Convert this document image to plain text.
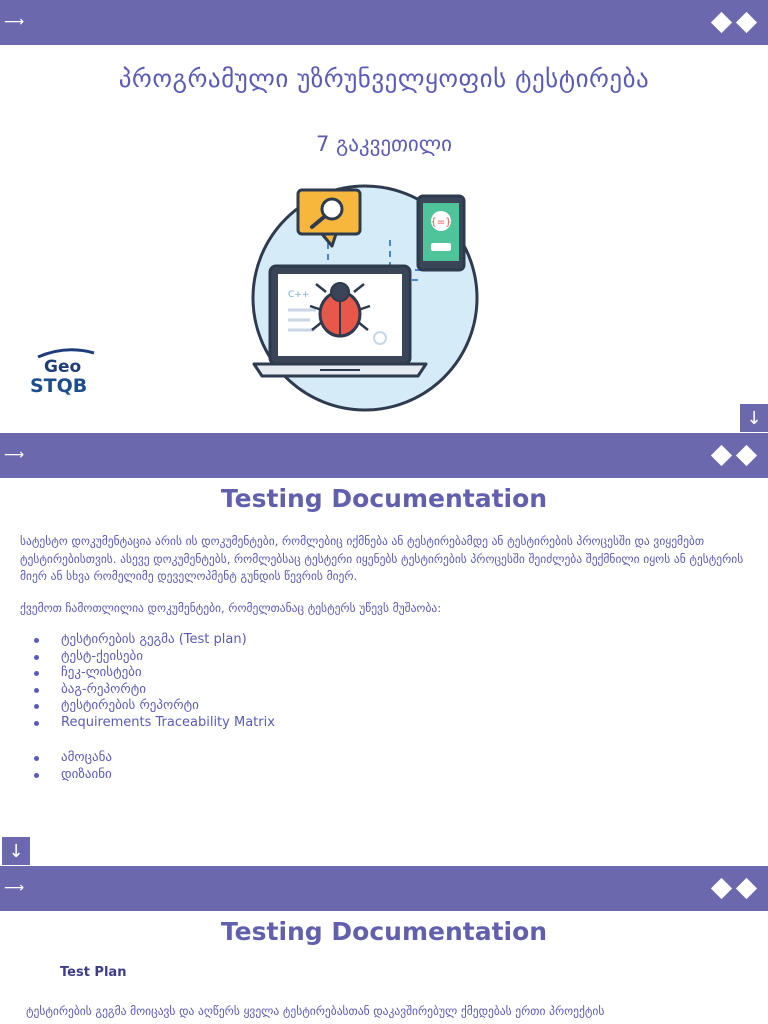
⟶
პროგრამული უზრუნველყოფის ტესტირება
7 გაკვეთილი
{=}
C++
Geo
STQB
↓
⟶
Testing Documentation
სატესტო დოკუმენტაცია არის ის დოკუმენტები, რომლებიც იქმნება ან ტესტირებამდე ან ტესტირების პროცესში და ვიყემებთ ტესტირებისთვის. ასევე დოკუმენტებს, რომლებსაც ტესტერი იყენებს ტესტირების პროცესში შეიძლება შექმნილი იყოს ან ტესტერის მიერ ან სხვა რომელიმე დეველოპმენტ გუნდის წევრის მიერ.
ქვემოთ ჩამოთლილია დოკუმენტები, რომელთანაც ტესტერს უწევს მუშაობა:
ტესტირების გეგმა (Test plan)
ტესტ-ქეისები
ჩეკ-ლისტები
ბაგ-რეპორტი
ტესტირების რეპორტი
Requirements Traceability Matrix
ამოცანა
დიზაინი
↓
⟶
Testing Documentation
Test Plan
ტესტირების გეგმა მოიცავს და აღწერს ყველა ტესტირებასთან დაკავშირებულ ქმედებას ერთი პროექტის
